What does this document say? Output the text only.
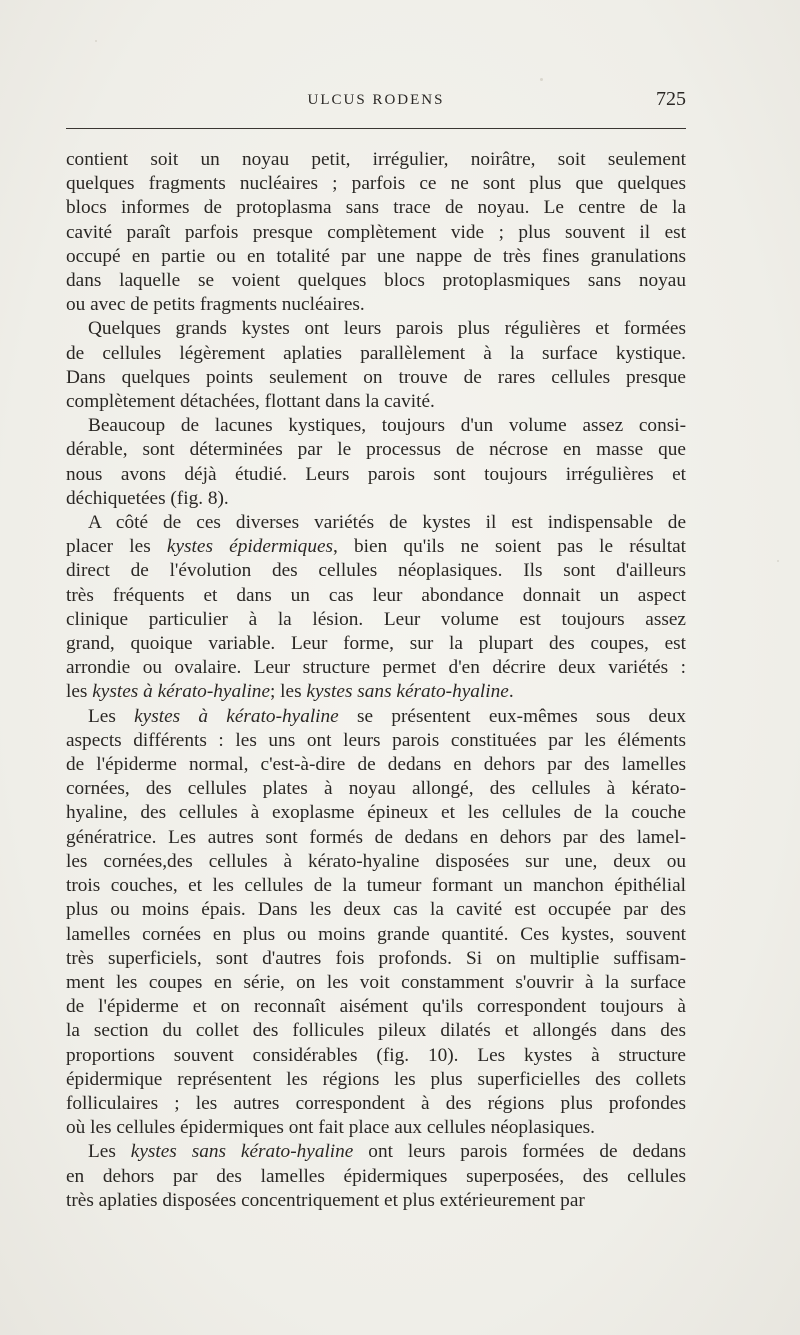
ULCUS RODENS	725
contient soit un noyau petit, irrégulier, noirâtre, soit seulement
quelques fragments nucléaires ; parfois ce ne sont plus que quelques
blocs informes de protoplasma sans trace de noyau. Le centre de la
cavité paraît parfois presque complètement vide ; plus souvent il est
occupé en partie ou en totalité par une nappe de très fines granulations
dans laquelle se voient quelques blocs protoplasmiques sans noyau
ou avec de petits fragments nucléaires.
Quelques grands kystes ont leurs parois plus régulières et formées
de cellules légèrement aplaties parallèlement à la surface kystique.
Dans quelques points seulement on trouve de rares cellules presque
complètement détachées, flottant dans la cavité.
Beaucoup de lacunes kystiques, toujours d'un volume assez consi-
dérable, sont déterminées par le processus de nécrose en masse que
nous avons déjà étudié. Leurs parois sont toujours irrégulières et
déchiquetées (fig. 8).
A côté de ces diverses variétés de kystes il est indispensable de
placer les kystes épidermiques, bien qu'ils ne soient pas le résultat
direct de l'évolution des cellules néoplasiques. Ils sont d'ailleurs
très fréquents et dans un cas leur abondance donnait un aspect
clinique particulier à la lésion. Leur volume est toujours assez
grand, quoique variable. Leur forme, sur la plupart des coupes, est
arrondie ou ovalaire. Leur structure permet d'en décrire deux variétés :
les kystes à kérato-hyaline; les kystes sans kérato-hyaline.
Les kystes à kérato-hyaline se présentent eux-mêmes sous deux
aspects différents : les uns ont leurs parois constituées par les éléments
de l'épiderme normal, c'est-à-dire de dedans en dehors par des lamelles
cornées, des cellules plates à noyau allongé, des cellules à kérato-
hyaline, des cellules à exoplasme épineux et les cellules de la couche
génératrice. Les autres sont formés de dedans en dehors par des lamel-
les cornées,des cellules à kérato-hyaline disposées sur une, deux ou
trois couches, et les cellules de la tumeur formant un manchon épithélial
plus ou moins épais. Dans les deux cas la cavité est occupée par des
lamelles cornées en plus ou moins grande quantité. Ces kystes, souvent
très superficiels, sont d'autres fois profonds. Si on multiplie suffisam-
ment les coupes en série, on les voit constamment s'ouvrir à la surface
de l'épiderme et on reconnaît aisément qu'ils correspondent toujours à
la section du collet des follicules pileux dilatés et allongés dans des
proportions souvent considérables (fig. 10). Les kystes à structure
épidermique représentent les régions les plus superficielles des collets
folliculaires ; les autres correspondent à des régions plus profondes
où les cellules épidermiques ont fait place aux cellules néoplasiques.
Les kystes sans kérato-hyaline ont leurs parois formées de dedans
en dehors par des lamelles épidermiques superposées, des cellules
très aplaties disposées concentriquement et plus extérieurement par
